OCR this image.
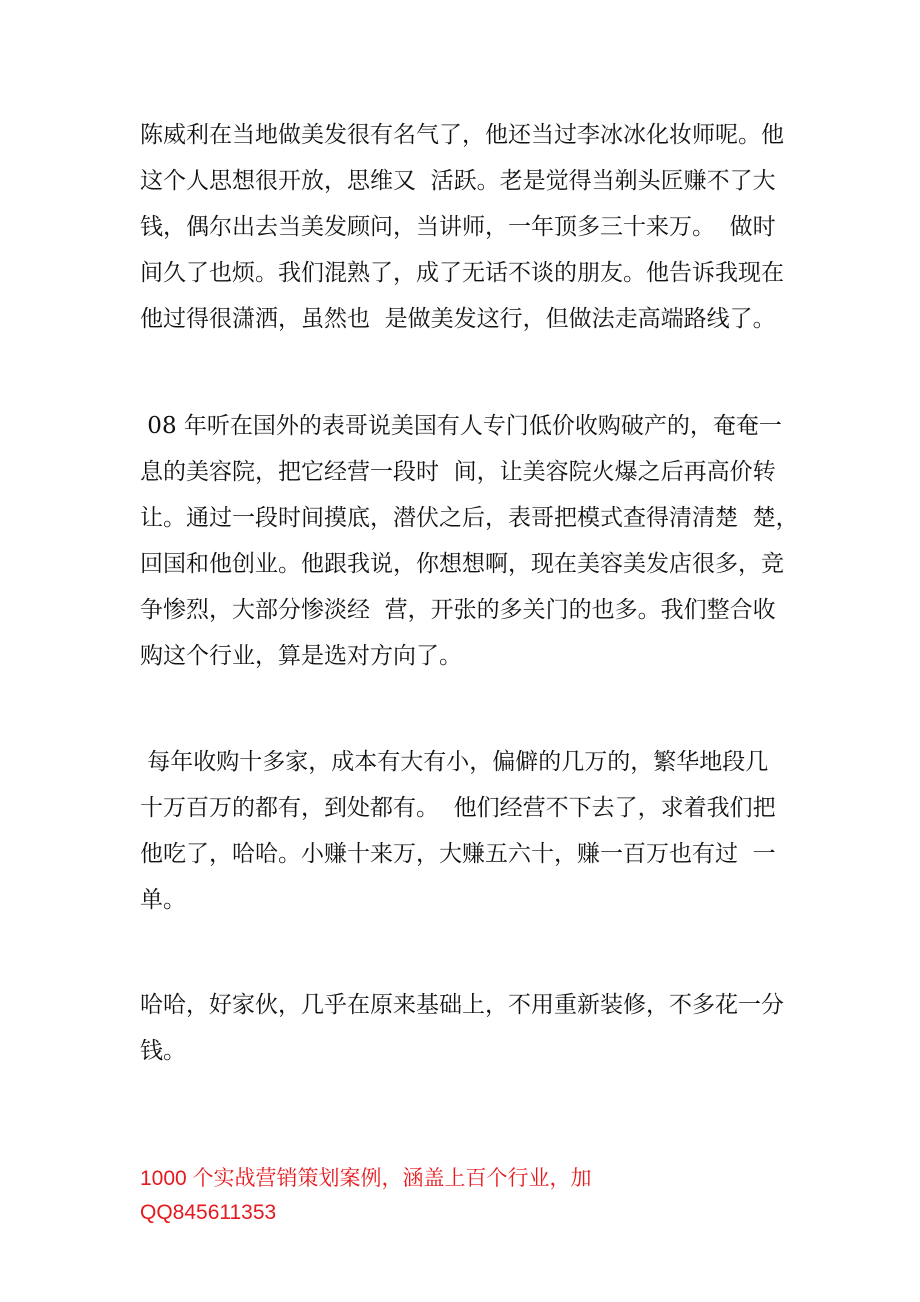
陈威利在当地做美发很有名气了，他还当过李冰冰化妆师呢。他
这个人思想很开放，思维又  活跃。老是觉得当剃头匠赚不了大
钱，偶尔出去当美发顾问，当讲师，一年顶多三十来万。  做时
间久了也烦。我们混熟了，成了无话不谈的朋友。他告诉我现在
他过得很潇洒，虽然也  是做美发这行，但做法走高端路线了。
08 年听在国外的表哥说美国有人专门低价收购破产的，奄奄一
息的美容院，把它经营一段时  间，让美容院火爆之后再高价转
让。通过一段时间摸底，潜伏之后，表哥把模式查得清清楚  楚，
回国和他创业。他跟我说，你想想啊，现在美容美发店很多，竞
争惨烈，大部分惨淡经  营，开张的多关门的也多。我们整合收
购这个行业，算是选对方向了。
每年收购十多家，成本有大有小，偏僻的几万的，繁华地段几
十万百万的都有，到处都有。  他们经营不下去了，求着我们把
他吃了，哈哈。小赚十来万，大赚五六十，赚一百万也有过  一
单。
哈哈，好家伙，几乎在原来基础上，不用重新装修，不多花一分
钱。
1000 个实战营销策划案例，涵盖上百个行业，加
QQ845611353
